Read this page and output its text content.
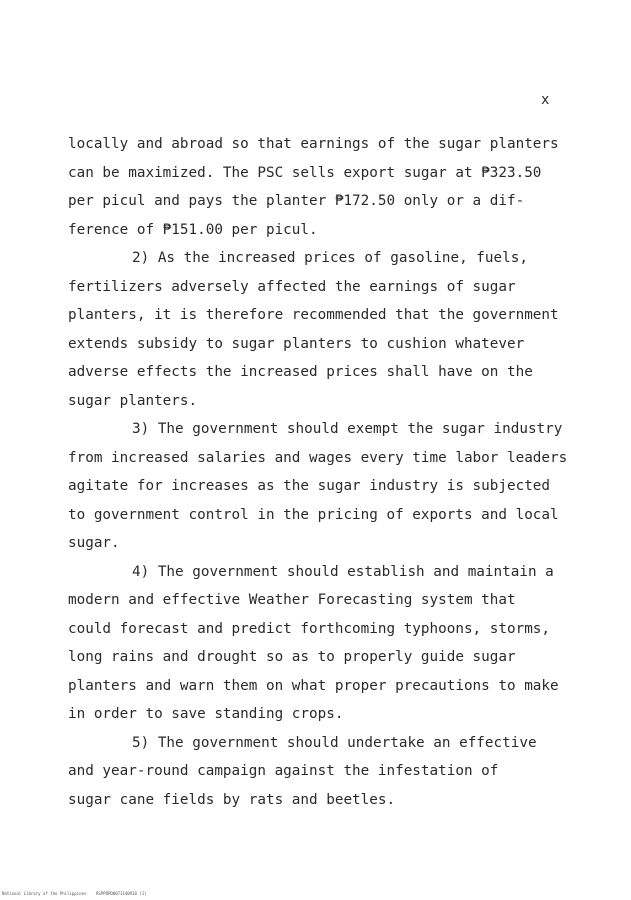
x
locally and abroad so that earnings of the sugar planters
can be maximized. The PSC sells export sugar at ₱323.50
per picul and pays the planter ₱172.50 only or a dif-
ference of ₱151.00 per picul.
2) As the increased prices of gasoline, fuels,
fertilizers adversely affected the earnings of sugar
planters, it is therefore recommended that the government
extends subsidy to sugar planters to cushion whatever
adverse effects the increased prices shall have on the
sugar planters.
3) The government should exempt the sugar industry
from increased salaries and wages every time labor leaders
agitate for increases as the sugar industry is subjected
to government control in the pricing of exports and local
sugar.
4) The government should establish and maintain a
modern and effective Weather Forecasting system that
could forecast and predict forthcoming typhoons, storms,
long rains and drought so as to properly guide sugar
planters and warn them on what proper precautions to make
in order to save standing crops.
5) The government should undertake an effective
and year-round campaign against the infestation of
sugar cane fields by rats and beetles.
National Library of the Philippines RSPPRPD0071140910 (1)
